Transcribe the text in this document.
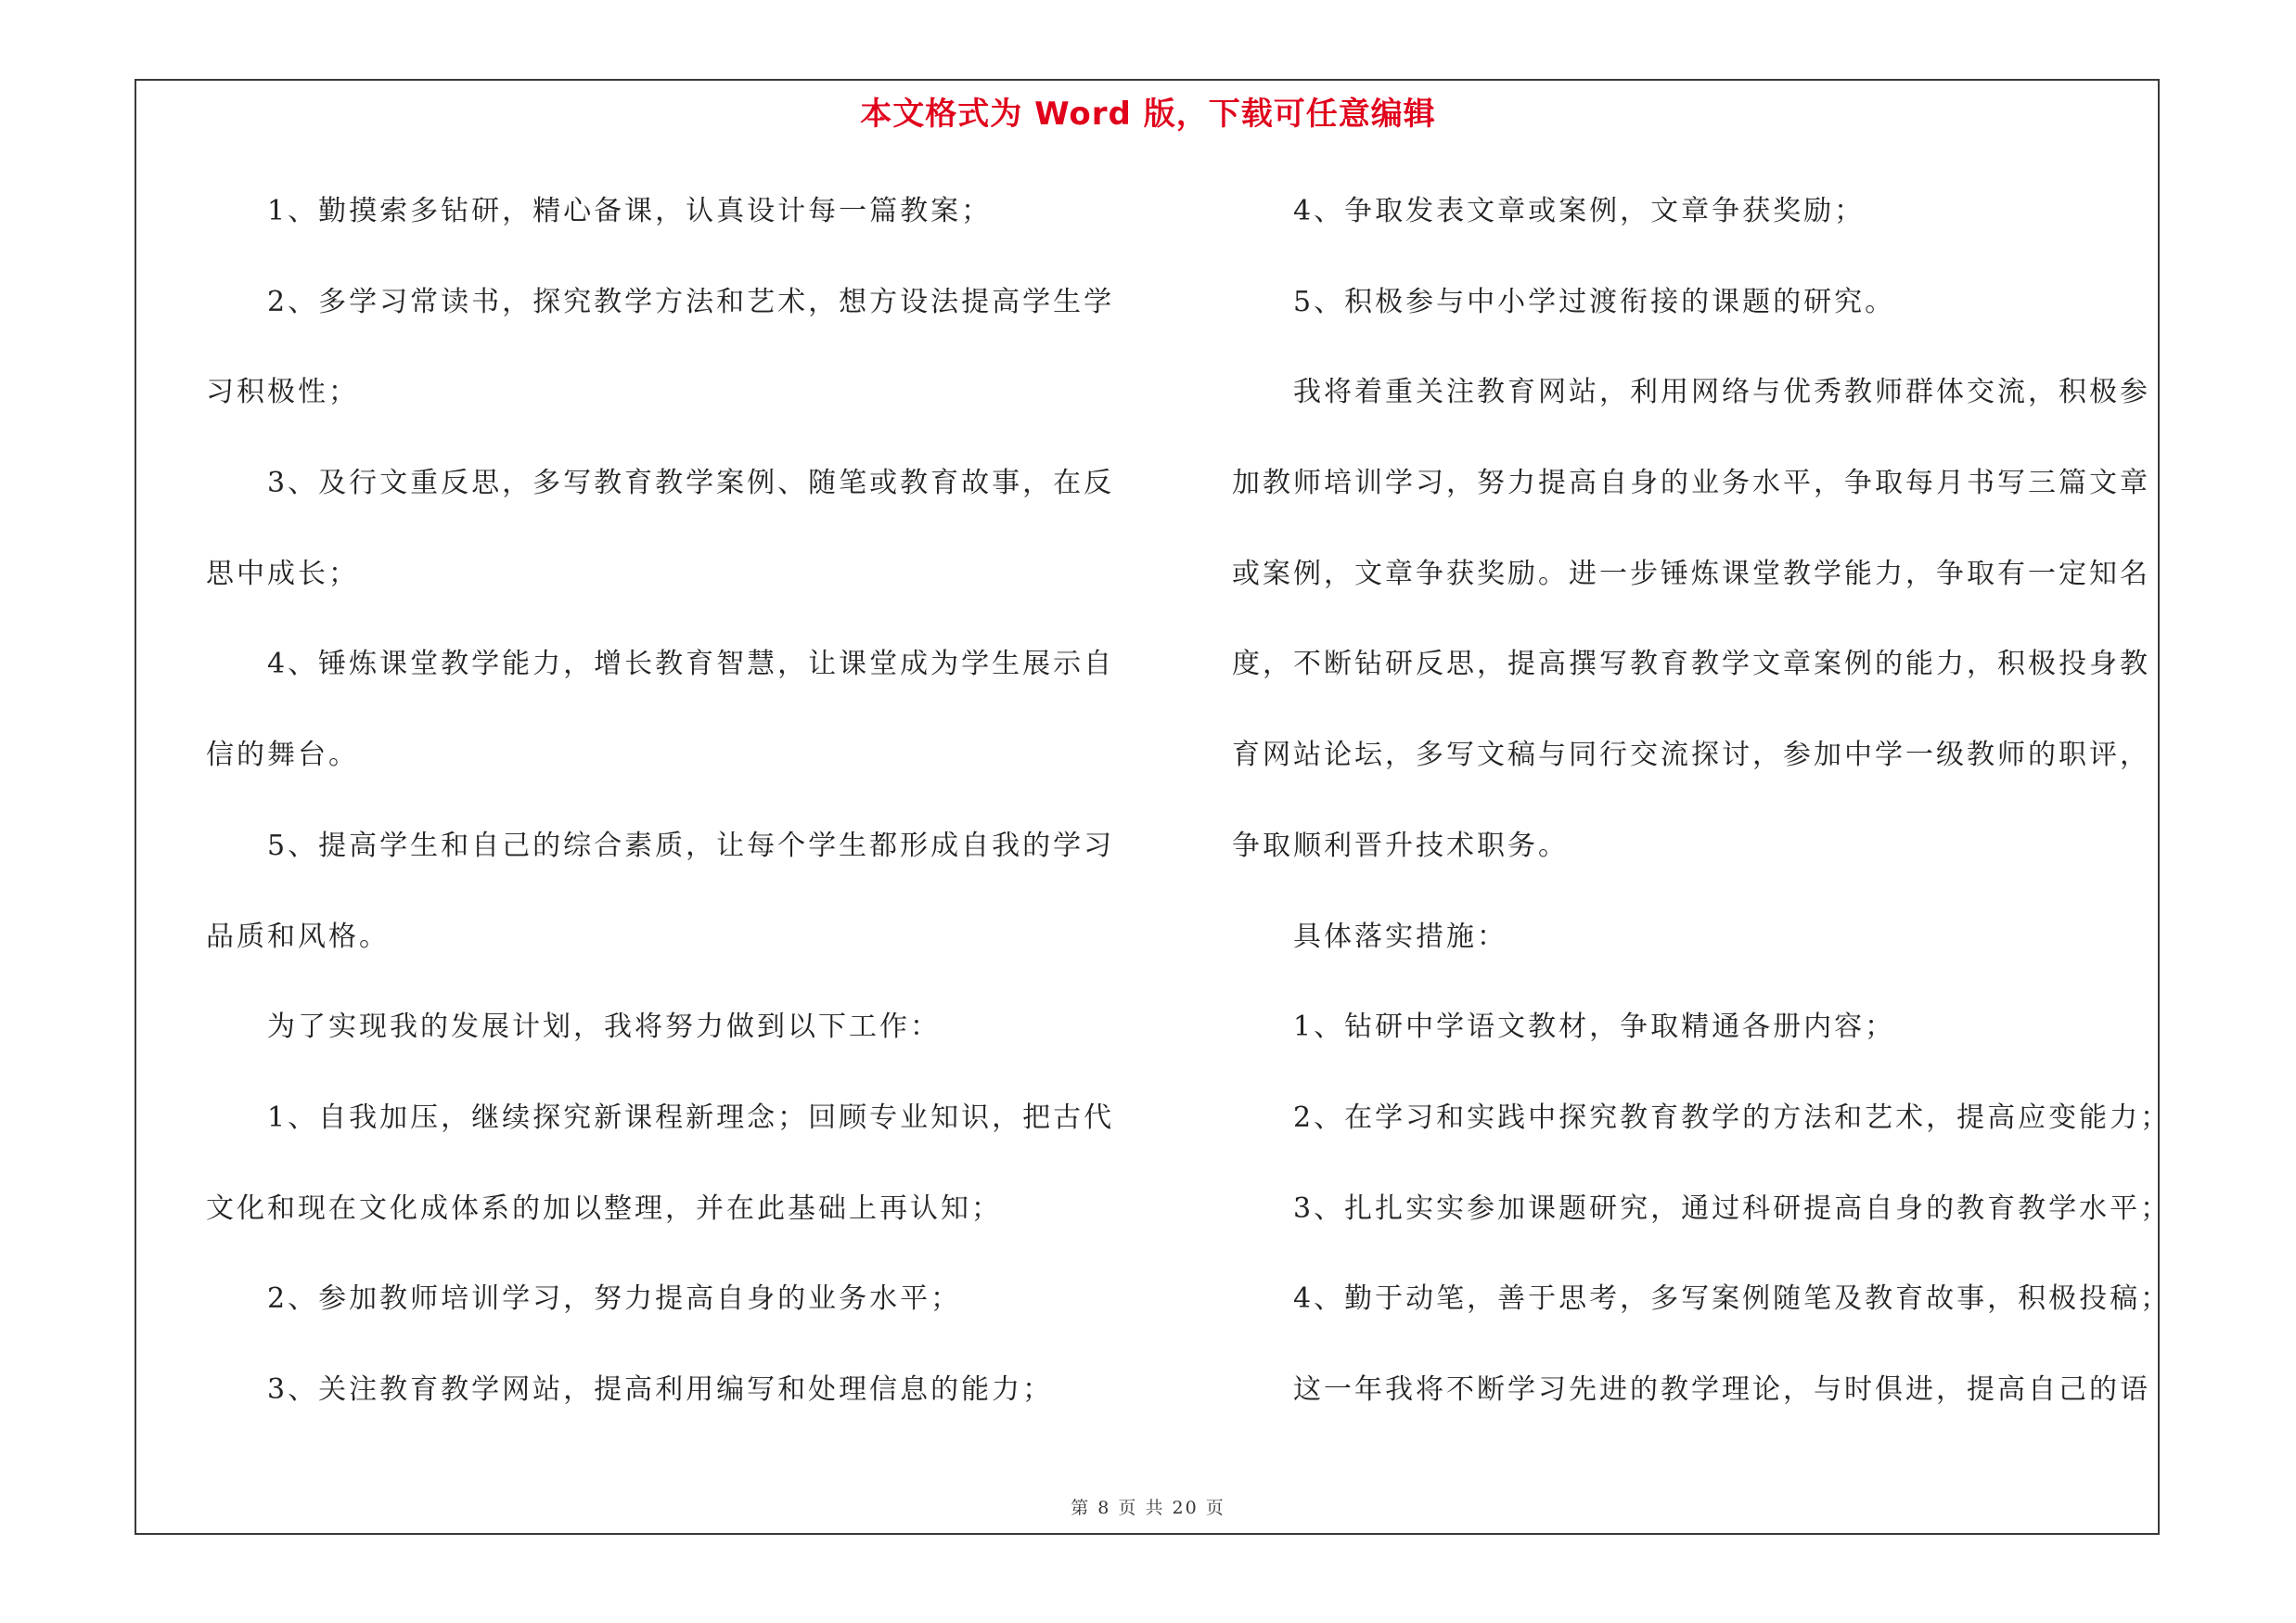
本文格式为 Word 版，下载可任意编辑
1、勤摸索多钻研，精心备课，认真设计每一篇教案；
2、多学习常读书，探究教学方法和艺术，想方设法提高学生学
习积极性；
3、及行文重反思，多写教育教学案例、随笔或教育故事，在反
思中成长；
4、锤炼课堂教学能力，增长教育智慧，让课堂成为学生展示自
信的舞台。
5、提高学生和自己的综合素质，让每个学生都形成自我的学习
品质和风格。
为了实现我的发展计划，我将努力做到以下工作：
1、自我加压，继续探究新课程新理念；回顾专业知识，把古代
文化和现在文化成体系的加以整理，并在此基础上再认知；
2、参加教师培训学习，努力提高自身的业务水平；
3、关注教育教学网站，提高利用编写和处理信息的能力；
4、争取发表文章或案例，文章争获奖励；
5、积极参与中小学过渡衔接的课题的研究。
我将着重关注教育网站，利用网络与优秀教师群体交流，积极参
加教师培训学习，努力提高自身的业务水平，争取每月书写三篇文章
或案例，文章争获奖励。进一步锤炼课堂教学能力，争取有一定知名
度，不断钻研反思，提高撰写教育教学文章案例的能力，积极投身教
育网站论坛，多写文稿与同行交流探讨，参加中学一级教师的职评，
争取顺利晋升技术职务。
具体落实措施：
1、钻研中学语文教材，争取精通各册内容；
2、在学习和实践中探究教育教学的方法和艺术，提高应变能力；
3、扎扎实实参加课题研究，通过科研提高自身的教育教学水平；
4、勤于动笔，善于思考，多写案例随笔及教育故事，积极投稿；
这一年我将不断学习先进的教学理论，与时俱进，提高自己的语
第 8 页 共 20 页
